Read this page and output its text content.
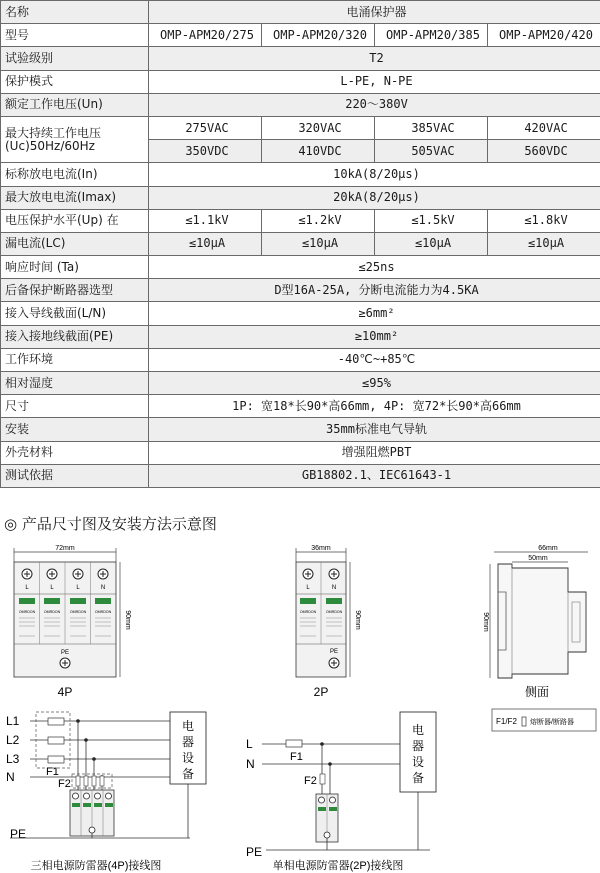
名称	电涌保护器			
型号	OMP-APM20/275	OMP-APM20/320	OMP-APM20/385	OMP-APM20/420
试验级别	T2			
保护模式	L-PE, N-PE			
额定工作电压(Un)	220～380V			
最大持续工作电压
(Uc)50Hz/60Hz	275VAC	320VAC	385VAC	420VAC
	350VDC	410VDC	505VAC	560VDC
标称放电电流(In)	10kA(8/20μs)			
最大放电电流(Imax)	20kA(8/20μs)			
电压保护水平(Up) 在	≤1.1kV	≤1.2kV	≤1.5kV	≤1.8kV
漏电流(LC)	≤10μA	≤10μA	≤10μA	≤10μA
响应时间 (Ta)	≤25ns			
后备保护断路器选型	D型16A-25A, 分断电流能力为4.5KA			
接入导线截面(L/N)	≥6mm²			
接入接地线截面(PE)	≥10mm²			
工作环境	-40℃~+85℃			
相对湿度	≤95%			
尺寸	1P: 宽18*长90*高66mm, 4P: 宽72*长90*高66mm			
安装	35mm标准电气导轨			
外壳材料	增强阻燃PBT			
测试依据	GB18802.1、IEC61643-1			
◎ 产品尺寸图及安装方法示意图
72mm
L	L	L	N
OMRDON OMRDON	OMRDON OMRDON
PE
90mm
4P
36mm
L	N
OMRDON	OMRDON
PE
90mm
2P
66mm
50mm
90mm
侧面
F1/F2 熔断器/断路器
L1
L2
L3
N	F1
F2
PE
电
器
设
备
三相电源防雷器(4P)接线图
L
N	F1
F2
PE
电
器
设
备
单相电源防雷器(2P)接线图
